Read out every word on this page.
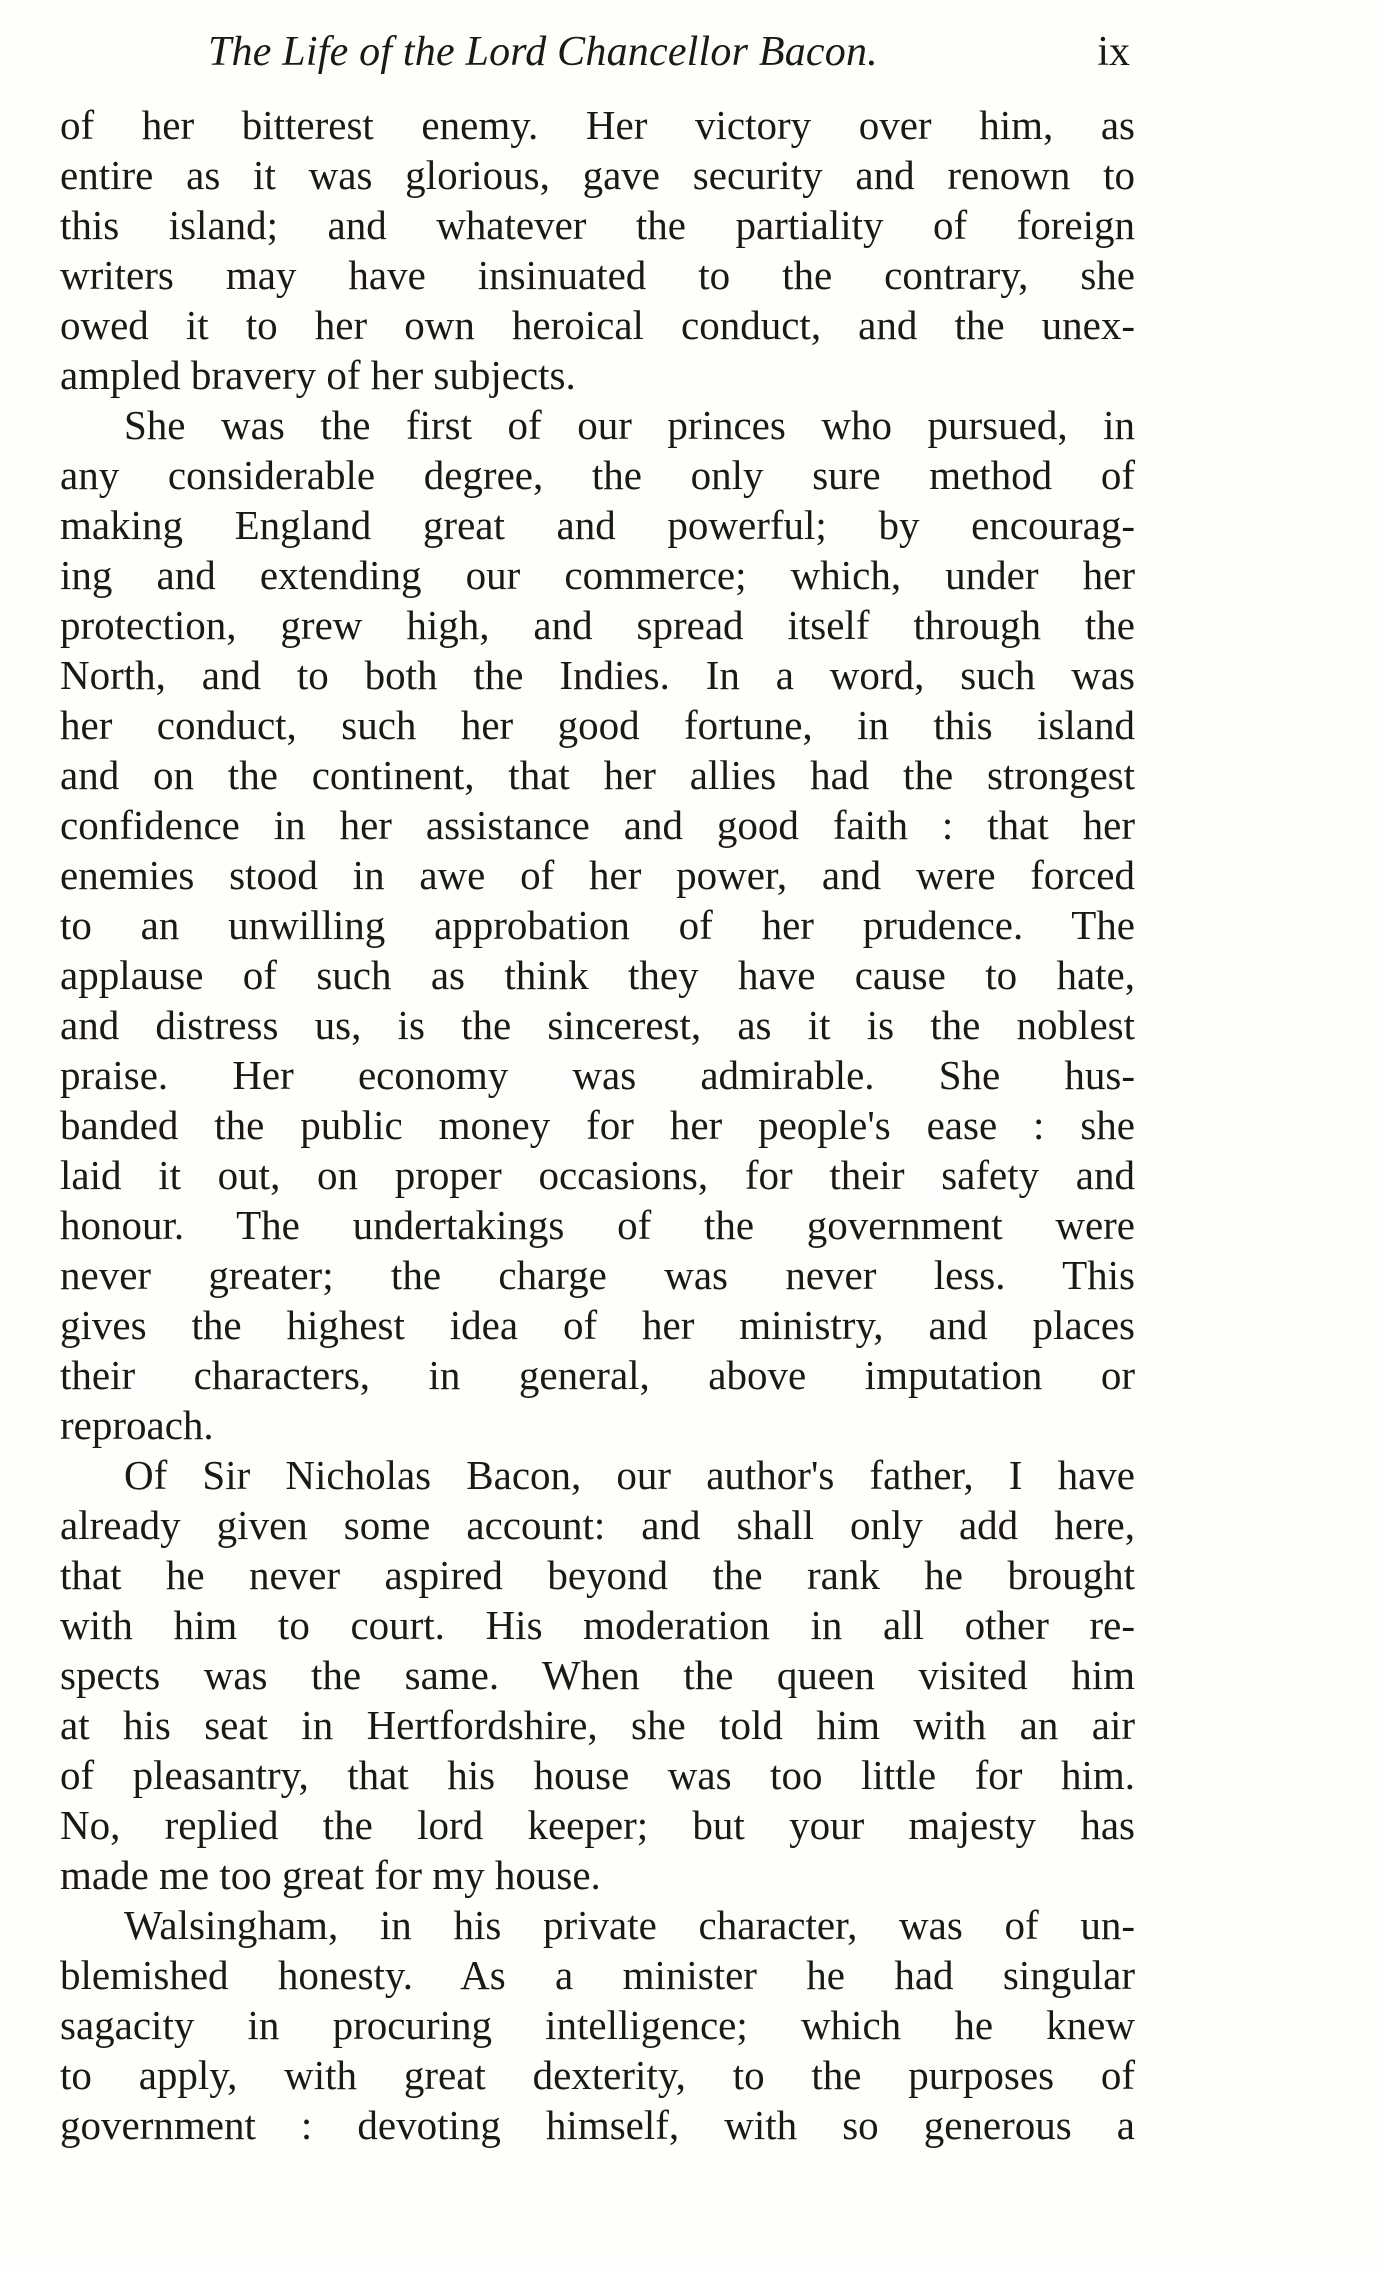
The Life of the Lord Chancellor Bacon.	ix
of her bitterest enemy. Her victory over him, as
entire as it was glorious, gave security and renown to
this island; and whatever the partiality of foreign
writers may have insinuated to the contrary, she
owed it to her own heroical conduct, and the unex-
ampled bravery of her subjects.
She was the first of our princes who pursued, in
any considerable degree, the only sure method of
making England great and powerful; by encourag-
ing and extending our commerce; which, under her
protection, grew high, and spread itself through the
North, and to both the Indies. In a word, such was
her conduct, such her good fortune, in this island
and on the continent, that her allies had the strongest
confidence in her assistance and good faith : that her
enemies stood in awe of her power, and were forced
to an unwilling approbation of her prudence. The
applause of such as think they have cause to hate,
and distress us, is the sincerest, as it is the noblest
praise. Her economy was admirable. She hus-
banded the public money for her people's ease : she
laid it out, on proper occasions, for their safety and
honour. The undertakings of the government were
never greater; the charge was never less. This
gives the highest idea of her ministry, and places
their characters, in general, above imputation or
reproach.
Of Sir Nicholas Bacon, our author's father, I have
already given some account: and shall only add here,
that he never aspired beyond the rank he brought
with him to court. His moderation in all other re-
spects was the same. When the queen visited him
at his seat in Hertfordshire, she told him with an air
of pleasantry, that his house was too little for him.
No, replied the lord keeper; but your majesty has
made me too great for my house.
Walsingham, in his private character, was of un-
blemished honesty. As a minister he had singular
sagacity in procuring intelligence; which he knew
to apply, with great dexterity, to the purposes of
government : devoting himself, with so generous a
